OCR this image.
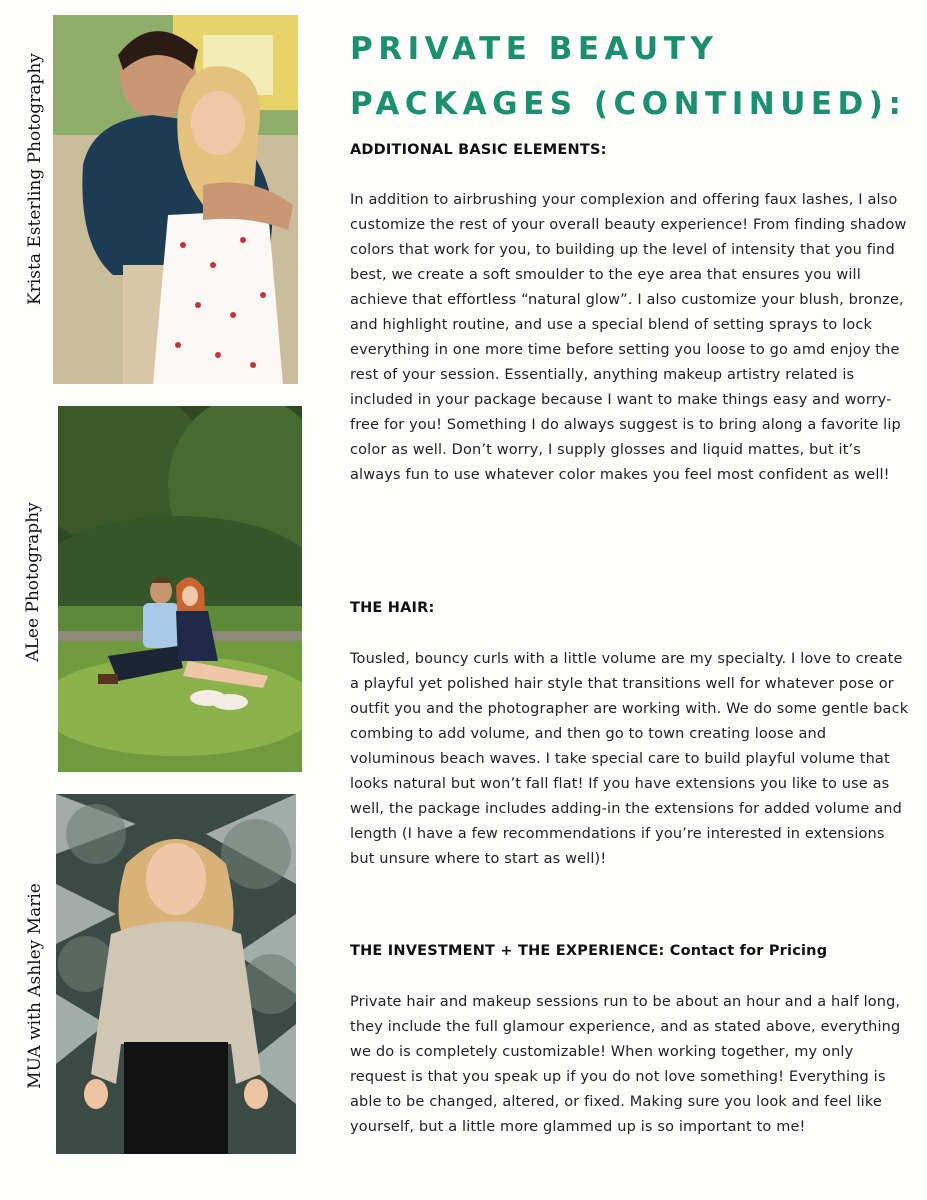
Krista Esterling Photography
ALee Photography
MUA with Ashley Marie
PRIVATE BEAUTY
PACKAGES (CONTINUED):
ADDITIONAL BASIC ELEMENTS:
In addition to airbrushing your complexion and offering faux lashes, I also customize the rest of your overall beauty experience! From finding shadow colors that work for you, to building up the level of intensity that you find best, we create a soft smoulder to the eye area that ensures you will achieve that effortless “natural glow”. I also customize your blush, bronze, and highlight routine, and use a special blend of setting sprays to lock everything in one more time before setting you loose to go amd enjoy the rest of your session. Essentially, anything makeup artistry related is included in your package because I want to make things easy and worry-free for you! Something I do always suggest is to bring along a favorite lip color as well. Don’t worry, I supply glosses and liquid mattes, but it’s always fun to use whatever color makes you feel most confident as well!
THE HAIR:
Tousled, bouncy curls with a little volume are my specialty. I love to create a playful yet polished hair style that transitions well for whatever pose or outfit you and the photographer are working with. We do some gentle back combing to add volume, and then go to town creating loose and voluminous beach waves. I take special care to build playful volume that looks natural but won’t fall flat! If you have extensions you like to use as well, the package includes adding-in the extensions for added volume and length (I have a few recommendations if you’re interested in extensions but unsure where to start as well)!
THE INVESTMENT + THE EXPERIENCE: Contact for Pricing
Private hair and makeup sessions run to be about an hour and a half long, they include the full glamour experience, and as stated above, everything we do is completely customizable! When working together, my only request is that you speak up if you do not love something! Everything is able to be changed, altered, or fixed. Making sure you look and feel like yourself, but a little more glammed up is so important to me!
